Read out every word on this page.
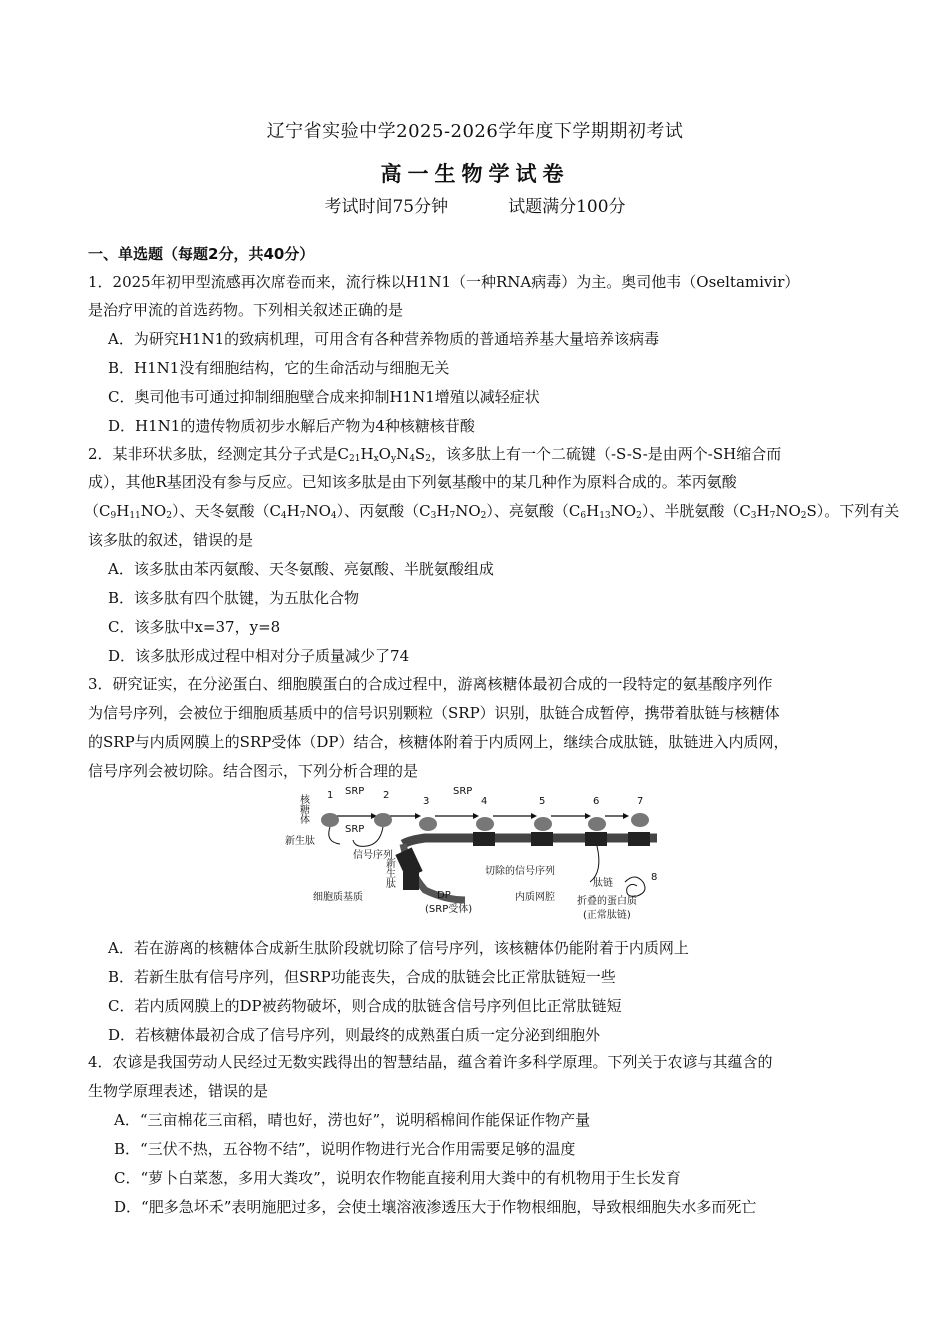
辽宁省实验中学2025-2026学年度下学期期初考试
高一生物学试卷
考试时间75分钟	试题满分100分
一、单选题（每题2分，共40分）
1．2025年初甲型流感再次席卷而来，流行株以H1N1（一种RNA病毒）为主。奥司他韦（Oseltamivir）
是治疗甲流的首选药物。下列相关叙述正确的是
A．为研究H1N1的致病机理，可用含有各种营养物质的普通培养基大量培养该病毒
B．H1N1没有细胞结构，它的生命活动与细胞无关
C．奥司他韦可通过抑制细胞壁合成来抑制H1N1增殖以减轻症状
D．H1N1的遗传物质初步水解后产物为4种核糖核苷酸
2．某非环状多肽，经测定其分子式是$C_{21}H_xO_yN_4S_2$，该多肽上有一个二硫键（-S-S-是由两个-SH缩合而
成），其他R基团没有参与反应。已知该多肽是由下列氨基酸中的某几种作为原料合成的。苯丙氨酸
$(C_9H_{11}NO_2)$、天冬氨酸$(C_4H_7NO_4)$、丙氨酸$(C_3H_7NO_2)$、亮氨酸$(C_6H_{13}NO_2)$、半胱氨酸$(C_3H_7NO_2S)$。下列有关
该多肽的叙述，错误的是
A．该多肽由苯丙氨酸、天冬氨酸、亮氨酸、半胱氨酸组成
B．该多肽有四个肽键，为五肽化合物
C．该多肽中x=37，y=8
D．该多肽形成过程中相对分子质量减少了74
3．研究证实，在分泌蛋白、细胞膜蛋白的合成过程中，游离核糖体最初合成的一段特定的氨基酸序列作
为信号序列，会被位于细胞质基质中的信号识别颗粒（SRP）识别，肽链合成暂停，携带着肽链与核糖体
的SRP与内质网膜上的SRP受体（DP）结合，核糖体附着于内质网上，继续合成肽链，肽链进入内质网，
信号序列会被切除。结合图示，下列分析合理的是
核糖体
新生肽
SRP
SRP
SRP
信号序列
新生肽
细胞质基质	DP
(SRP受体)
切除的信号序列
内质网腔
肽链
折叠的蛋白质
(正常肽链)
1	2
3	4	5	6	7
8
A．若在游离的核糖体合成新生肽阶段就切除了信号序列，该核糖体仍能附着于内质网上
B．若新生肽有信号序列，但SRP功能丧失，合成的肽链会比正常肽链短一些
C．若内质网膜上的DP被药物破坏，则合成的肽链含信号序列但比正常肽链短
D．若核糖体最初合成了信号序列，则最终的成熟蛋白质一定分泌到细胞外
4．农谚是我国劳动人民经过无数实践得出的智慧结晶，蕴含着许多科学原理。下列关于农谚与其蕴含的
生物学原理表述，错误的是
A．“三亩棉花三亩稻，晴也好，涝也好”，说明稻棉间作能保证作物产量
B．“三伏不热，五谷物不结”，说明作物进行光合作用需要足够的温度
C．“萝卜白菜葱，多用大粪攻”，说明农作物能直接利用大粪中的有机物用于生长发育
D．“肥多急坏禾”表明施肥过多，会使土壤溶液渗透压大于作物根细胞，导致根细胞失水多而死亡
